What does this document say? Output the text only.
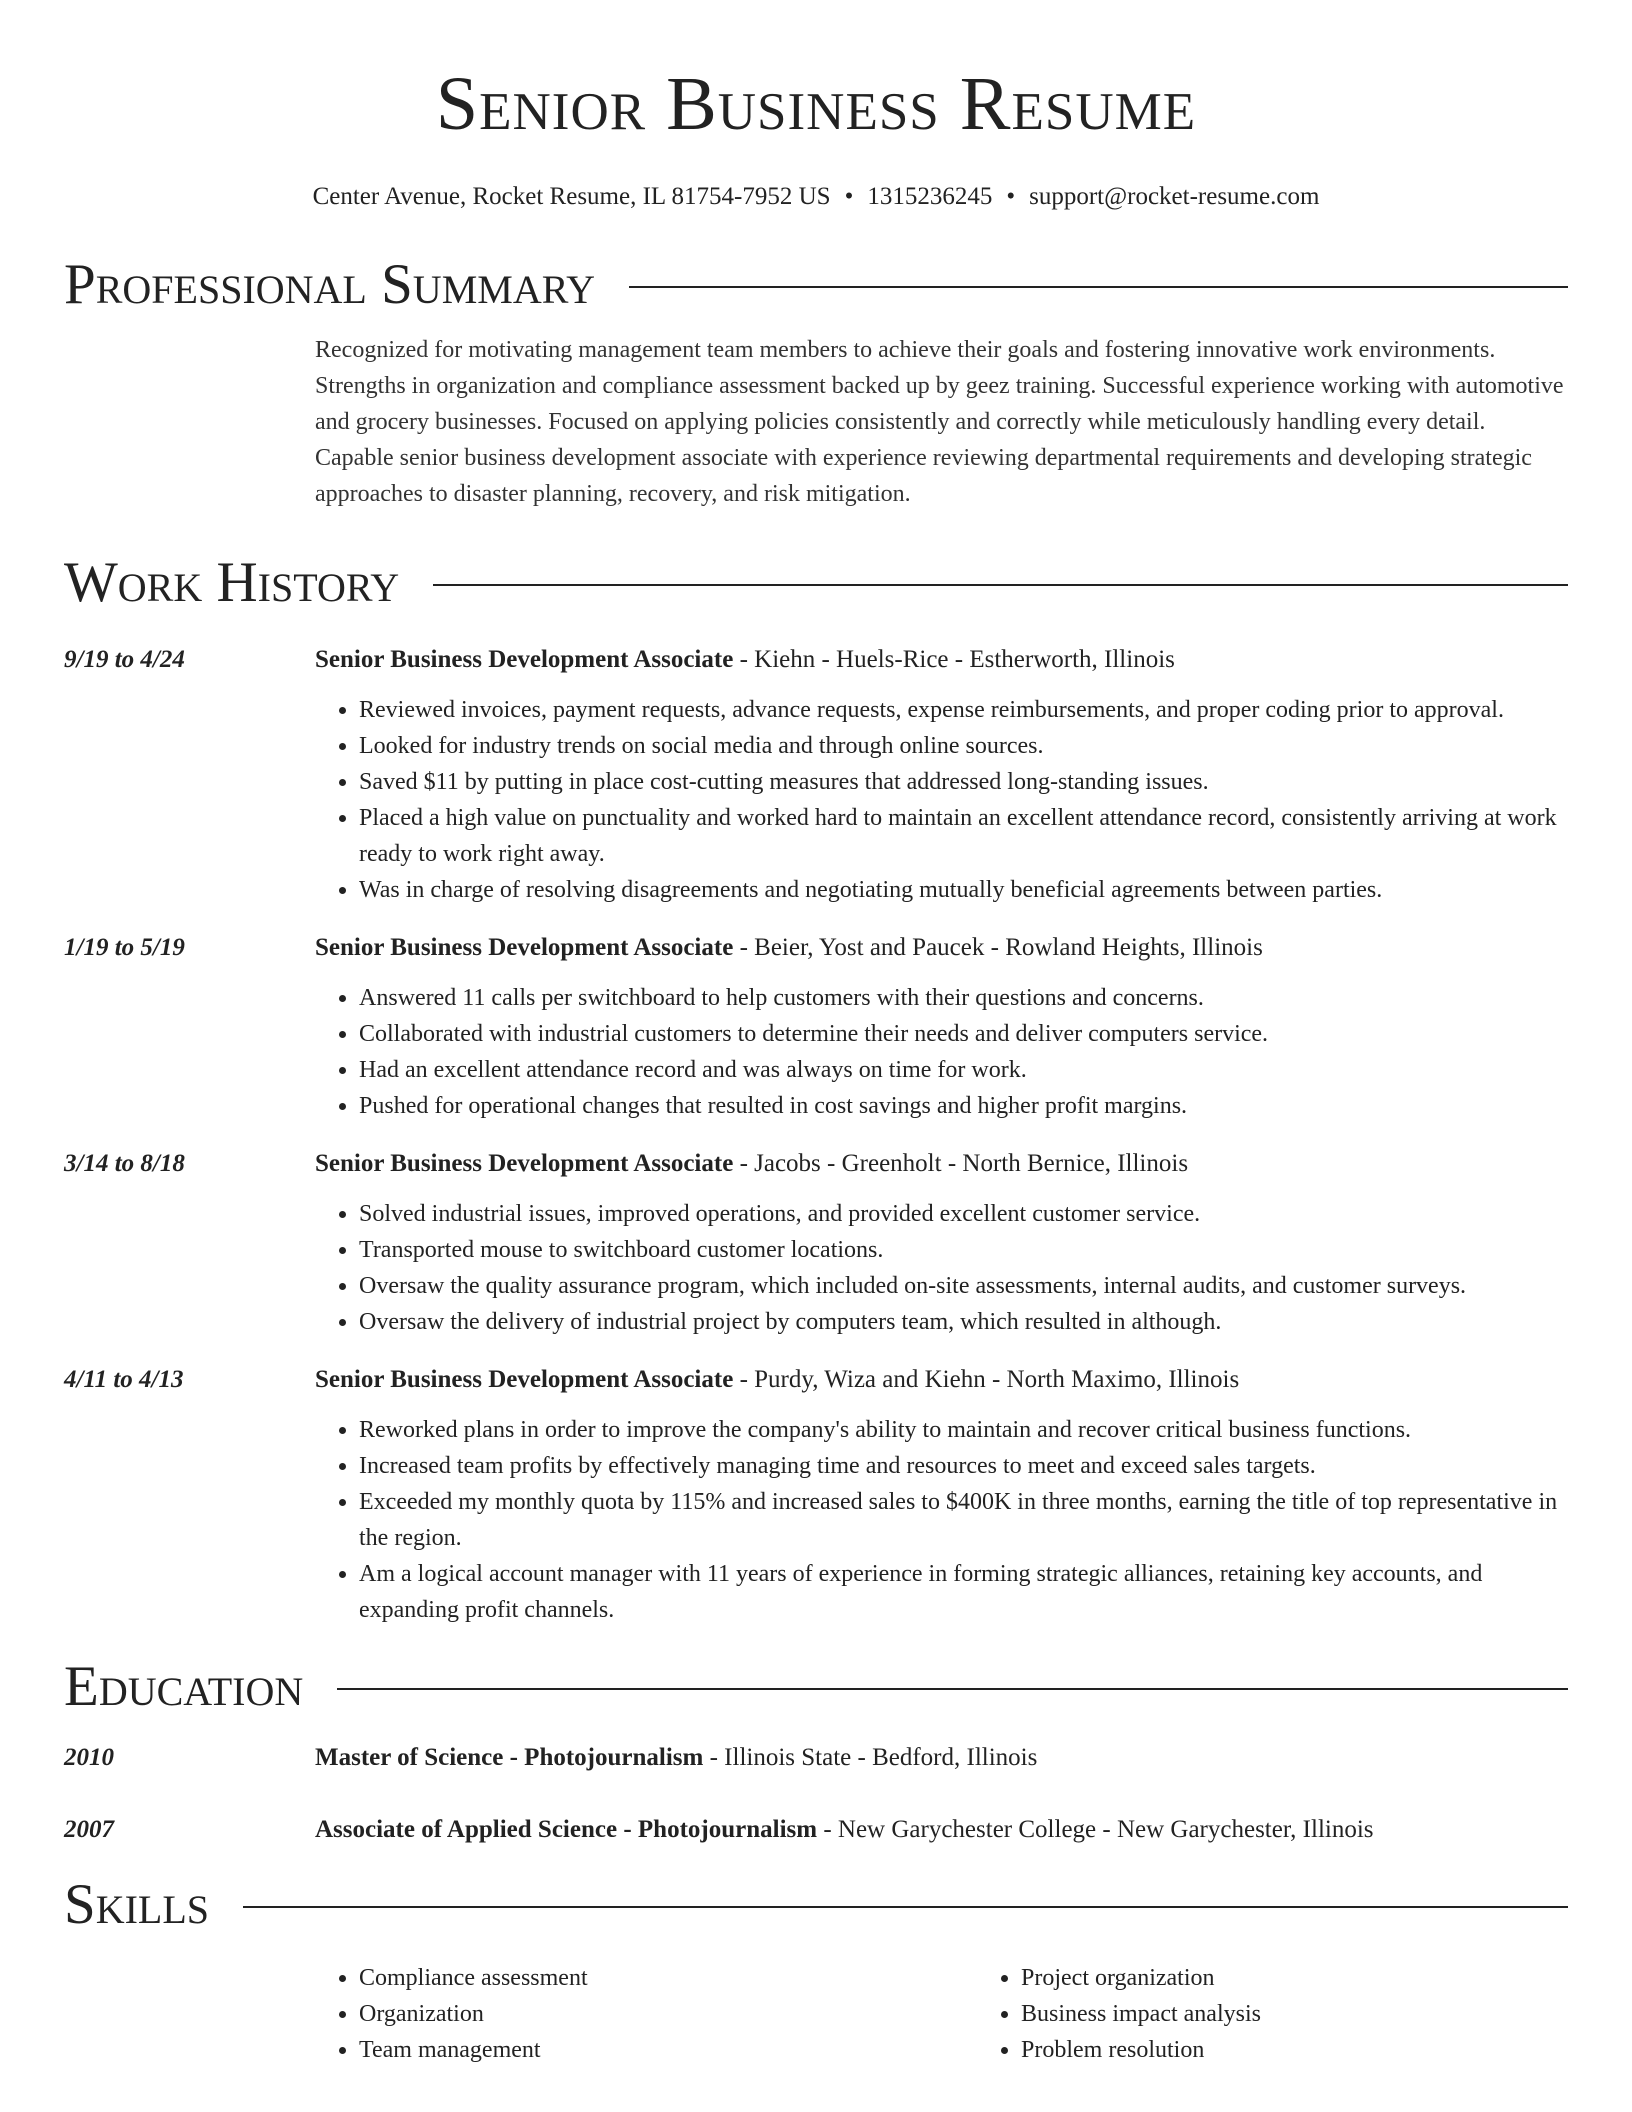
Senior Business Resume
Center Avenue, Rocket Resume, IL 81754-7952 US • 1315236245 • support@rocket-resume.com
Professional Summary
Recognized for motivating management team members to achieve their goals and fostering innovative work environments. Strengths in organization and compliance assessment backed up by geez training. Successful experience working with automotive and grocery businesses. Focused on applying policies consistently and correctly while meticulously handling every detail. Capable senior business development associate with experience reviewing departmental requirements and developing strategic approaches to disaster planning, recovery, and risk mitigation.
Work History
9/19 to 4/24	Senior Business Development Associate - Kiehn - Huels-Rice - Estherworth, Illinois
• Reviewed invoices, payment requests, advance requests, expense reimbursements, and proper coding prior to approval.
• Looked for industry trends on social media and through online sources.
• Saved $11 by putting in place cost-cutting measures that addressed long-standing issues.
• Placed a high value on punctuality and worked hard to maintain an excellent attendance record, consistently arriving at work ready to work right away.
• Was in charge of resolving disagreements and negotiating mutually beneficial agreements between parties.
1/19 to 5/19	Senior Business Development Associate - Beier, Yost and Paucek - Rowland Heights, Illinois
• Answered 11 calls per switchboard to help customers with their questions and concerns.
• Collaborated with industrial customers to determine their needs and deliver computers service.
• Had an excellent attendance record and was always on time for work.
• Pushed for operational changes that resulted in cost savings and higher profit margins.
3/14 to 8/18	Senior Business Development Associate - Jacobs - Greenholt - North Bernice, Illinois
• Solved industrial issues, improved operations, and provided excellent customer service.
• Transported mouse to switchboard customer locations.
• Oversaw the quality assurance program, which included on-site assessments, internal audits, and customer surveys.
• Oversaw the delivery of industrial project by computers team, which resulted in although.
4/11 to 4/13	Senior Business Development Associate - Purdy, Wiza and Kiehn - North Maximo, Illinois
• Reworked plans in order to improve the company's ability to maintain and recover critical business functions.
• Increased team profits by effectively managing time and resources to meet and exceed sales targets.
• Exceeded my monthly quota by 115% and increased sales to $400K in three months, earning the title of top representative in the region.
• Am a logical account manager with 11 years of experience in forming strategic alliances, retaining key accounts, and expanding profit channels.
Education
2010	Master of Science - Photojournalism - Illinois State - Bedford, Illinois
2007	Associate of Applied Science - Photojournalism - New Garychester College - New Garychester, Illinois
Skills
• Compliance assessment
• Organization
• Team management
• Project organization
• Business impact analysis
• Problem resolution
